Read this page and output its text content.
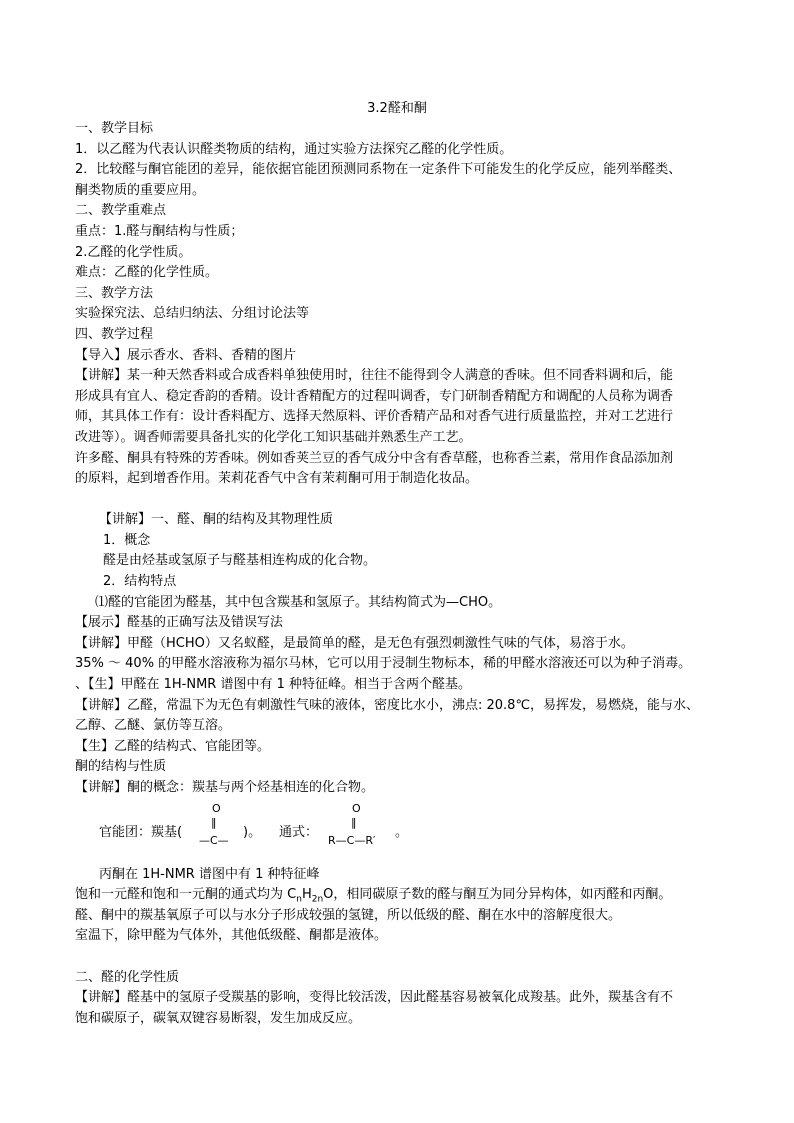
3.2醛和酮
一、教学目标
1．以乙醛为代表认识醛类物质的结构，通过实验方法探究乙醛的化学性质。
2．比较醛与酮官能团的差异，能依据官能团预测同系物在一定条件下可能发生的化学反应，能列举醛类、
酮类物质的重要应用。
二、教学重难点
重点：1.醛与酮结构与性质；
2.乙醛的化学性质。
难点：乙醛的化学性质。
三、教学方法
实验探究法、总结归纳法、分组讨论法等
四、教学过程
【导入】展示香水、香料、香精的图片
【讲解】某一种天然香料或合成香料单独使用时，往往不能得到令人满意的香味。但不同香料调和后，能
形成具有宜人、稳定香韵的香精。设计香精配方的过程叫调香，专门研制香精配方和调配的人员称为调香
师，其具体工作有：设计香料配方、选择天然原料、评价香精产品和对香气进行质量监控，并对工艺进行
改进等）。调香师需要具备扎实的化学化工知识基础并熟悉生产工艺。
许多醛、酮具有特殊的芳香味。例如香荚兰豆的香气成分中含有香草醛，也称香兰素，常用作食品添加剂
的原料，起到增香作用。茉莉花香气中含有茉莉酮可用于制造化妆品。
【讲解】一、醛、酮的结构及其物理性质
1．概念
醛是由烃基或氢原子与醛基相连构成的化合物。
2．结构特点
⑴醛的官能团为醛基，其中包含羰基和氢原子。其结构简式为—CHO。
【展示】醛基的正确写法及错误写法
【讲解】甲醛（HCHO）又名蚁醛，是最简单的醛，是无色有强烈刺激性气味的气体，易溶于水。
35% ～ 40% 的甲醛水溶液称为福尔马林，它可以用于浸制生物标本，稀的甲醛水溶液还可以为种子消毒。
、【生】甲醛在 1H-NMR 谱图中有 1 种特征峰。相当于含两个醛基。
【讲解】乙醛，常温下为无色有刺激性气味的液体，密度比水小，沸点: 20.8℃，易挥发，易燃烧，能与水、
乙醇、乙醚、氯仿等互溶。
【生】乙醛的结构式、官能团等。
酮的结构与性质
【讲解】酮的概念：羰基与两个烃基相连的化合物。
官能团：羰基(
O
‖
—C—
)。 通式：
O
‖
R—C—R′
。
丙酮在 1H-NMR 谱图中有 1 种特征峰
饱和一元醛和饱和一元酮的通式均为 $C_nH_{2n}O$，相同碳原子数的醛与酮互为同分异构体，如丙醛和丙酮。
醛、酮中的羰基氧原子可以与水分子形成较强的氢键，所以低级的醛、酮在水中的溶解度很大。
室温下，除甲醛为气体外，其他低级醛、酮都是液体。
二、醛的化学性质
【讲解】醛基中的氢原子受羰基的影响，变得比较活泼，因此醛基容易被氧化成羧基。此外，羰基含有不
饱和碳原子，碳氧双键容易断裂，发生加成反应。
